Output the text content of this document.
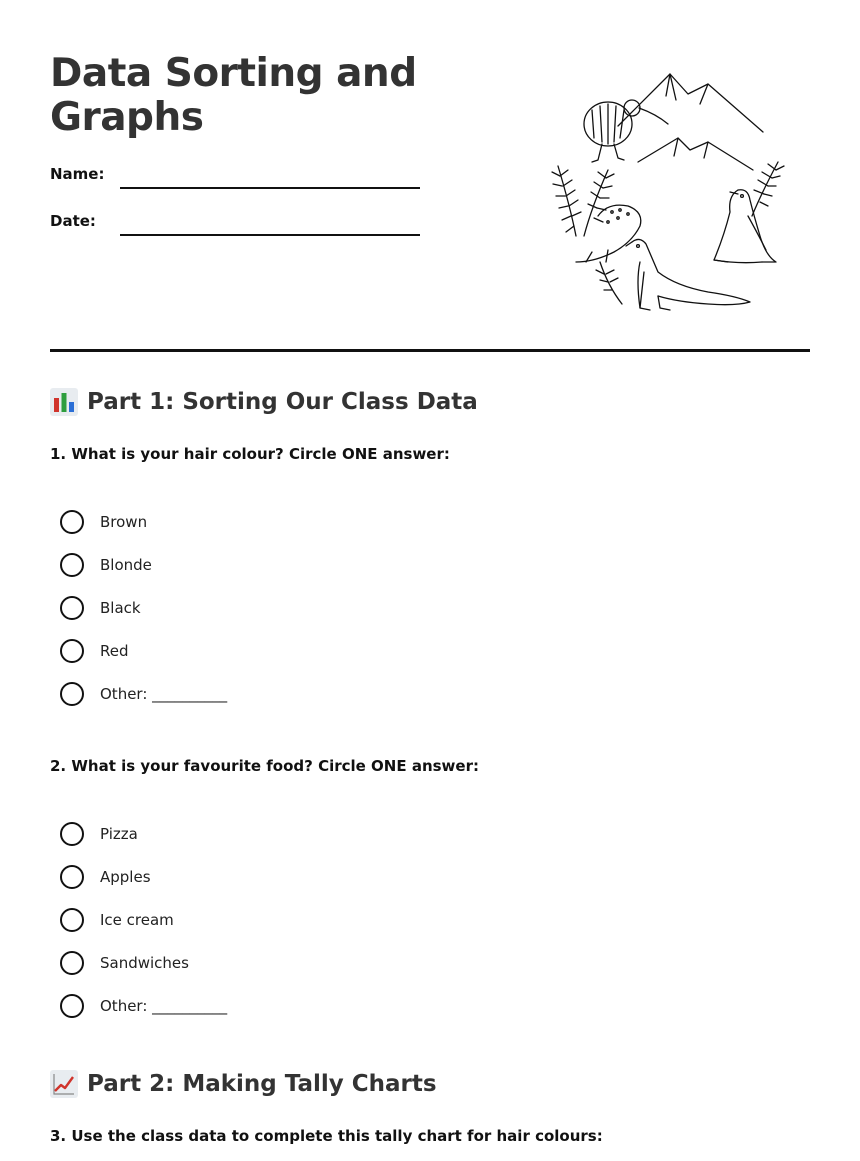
Data Sorting and Graphs
Name:
Date:
Part 1: Sorting Our Class Data
1. What is your hair colour? Circle ONE answer:
Brown
Blonde
Black
Red
Other: __________
2. What is your favourite food? Circle ONE answer:
Pizza
Apples
Ice cream
Sandwiches
Other: __________
Part 2: Making Tally Charts
3. Use the class data to complete this tally chart for hair colours:
